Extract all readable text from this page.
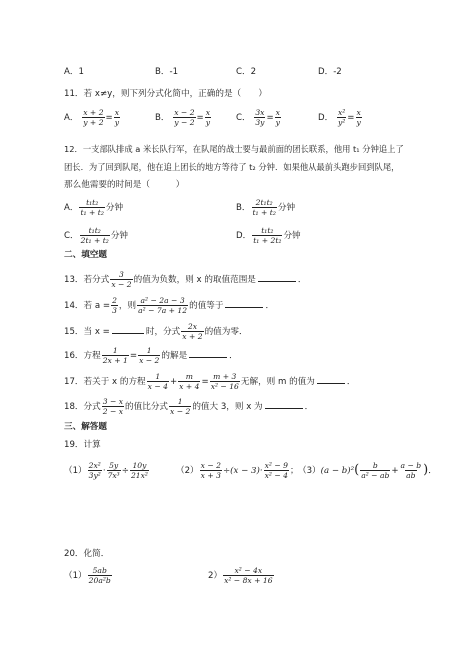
A．1	B．-1	C．2	D．-2
11．若 x≠y，则下列分式化简中，正确的是（　　）
A． $\frac{x + 2}{y + 2} = \frac{x}{y}$	B． $\frac{x - 2}{y - 2} = \frac{x}{y}$	C． $\frac{3x}{3y} = \frac{x}{y}$	D． $\frac{\text{x²}}{\text{y²}} = \frac{x}{y}$
12．一支部队排成 a 米长队行军，在队尾的战士要与最前面的团长联系，他用 t₁ 分钟追上了
团长．为了回到队尾，他在追上团长的地方等待了 t₂ 分钟．如果他从最前头跑步回到队尾，
那么他需要的时间是（　　　）
A． $\frac{\text{t₁t₂}}{\text{t₁ + t₂}}$ 分钟	B． $\frac{\text{2t₁t₂}}{\text{t₁ + t₂}}$ 分钟
C． $\frac{\text{t₁t₂}}{\text{2t₁ + t₂}}$ 分钟	D． $\frac{\text{t₁t₂}}{\text{t₁ + 2t₂}}$ 分钟
二、填空题
13．若分式 $\frac{3}{x - 2}$ 的值为负数，则 x 的取值范围是	．
14．若 $a = \frac{2}{3}$ ，则 $\frac{\text{a² − 2a − 3}}{\text{a² − 7a + 12}}$ 的值等于	．
15．当 x =	时，分式 $\frac{2x}{x + 2}$ 的值为零．
16．方程 $\frac{1}{2x + 1} = \frac{1}{x - 2}$ 的解是	．
17．若关于 x 的方程 $\frac{1}{x - 4} + \frac{m}{x + 4} = \frac{m + 3}{\text{x² − 16}}$ 无解，则 m 的值为	．
18．分式 $\frac{3 - x}{2 - x}$ 的值比分式 $\frac{1}{x - 2}$ 的值大 3，则 x 为	．
三、解答题
19．计算
$(1) \frac{\text{2x²}}{\text{3y²}} \cdot \frac{5y}{\text{7x³}} \div \frac{10y}{\text{21x²}}$	$(2) \frac{x - 2}{x + 3} \div(x - 3)\cdot \frac{\text{x² − 9}}{\text{x² − 4}}$ ； $(3)(a - b)^2( \frac{b}{\text{a² − ab}} + \frac{a - b}{ab}$ )．
20．化简．
$(1) \frac{5ab}{\text{20a²b}}$	$2) \frac{\text{x² − 4x}}{\text{x² − 8x + 16}}$
